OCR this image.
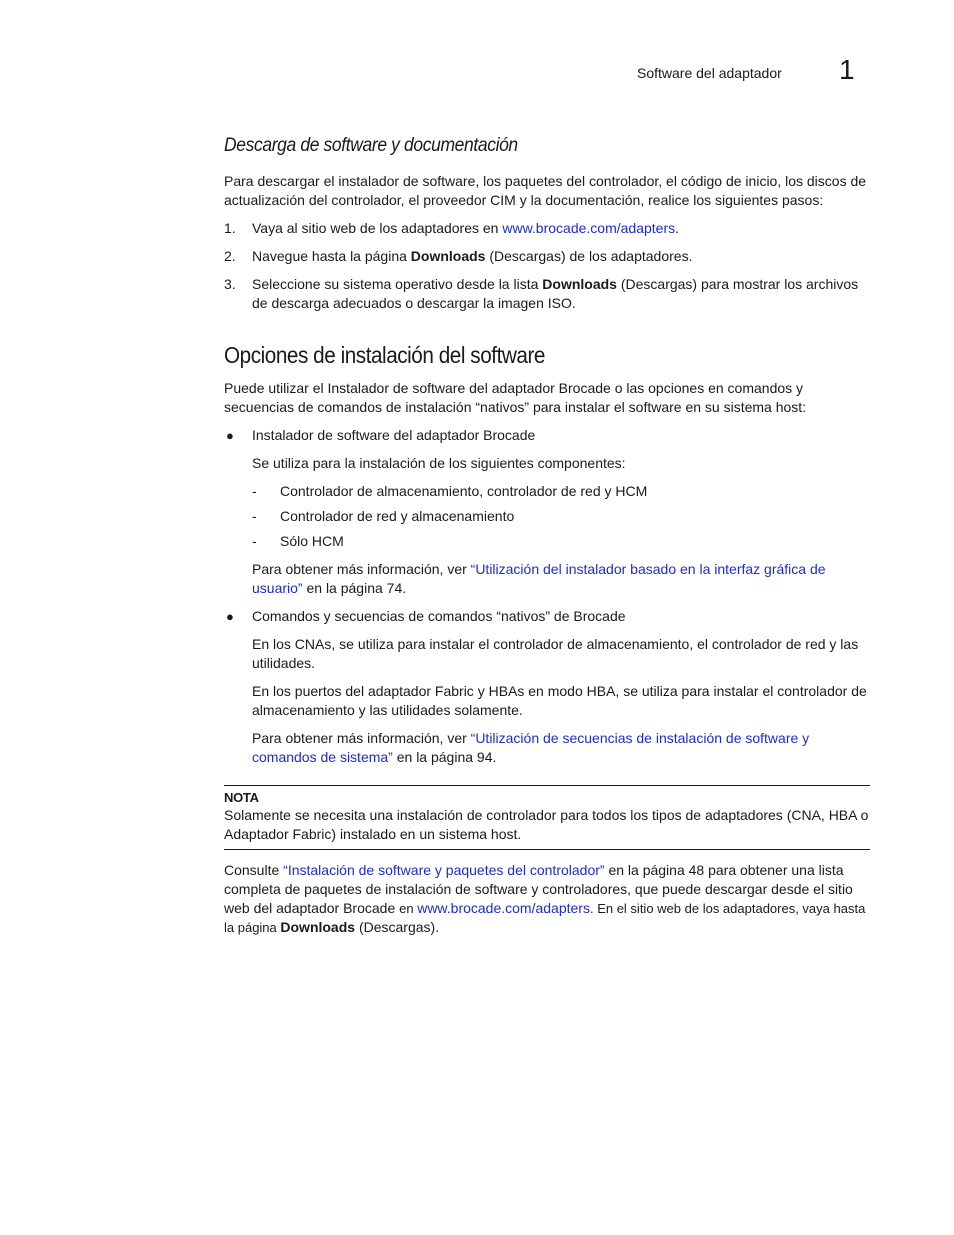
Software del adaptador 1
Descarga de software y documentación

Para descargar el instalador de software, los paquetes del controlador, el código de inicio, los discos de actualización del controlador, el proveedor CIM y la documentación, realice los siguientes pasos:

1. Vaya al sitio web de los adaptadores en www.brocade.com/adapters.
2. Navegue hasta la página Downloads (Descargas) de los adaptadores.
3. Seleccione su sistema operativo desde la lista Downloads (Descargas) para mostrar los archivos de descarga adecuados o descargar la imagen ISO.
Opciones de instalación del software

Puede utilizar el Instalador de software del adaptador Brocade o las opciones en comandos y secuencias de comandos de instalación “nativos” para instalar el software en su sistema host:

● Instalador de software del adaptador Brocade

Se utiliza para la instalación de los siguientes componentes:

- Controlador de almacenamiento, controlador de red y HCM
- Controlador de red y almacenamiento
- Sólo HCM

Para obtener más información, ver “Utilización del instalador basado en la interfaz gráfica de usuario” en la página 74.

● Comandos y secuencias de comandos “nativos” de Brocade

En los CNAs, se utiliza para instalar el controlador de almacenamiento, el controlador de red y las utilidades.

En los puertos del adaptador Fabric y HBAs en modo HBA, se utiliza para instalar el controlador de almacenamiento y las utilidades solamente.

Para obtener más información, ver “Utilización de secuencias de instalación de software y comandos de sistema” en la página 94.

NOTA

Solamente se necesita una instalación de controlador para todos los tipos de adaptadores (CNA, HBA o Adaptador Fabric) instalado en un sistema host.

Consulte “Instalación de software y paquetes del controlador” en la página 48 para obtener una lista completa de paquetes de instalación de software y controladores, que puede descargar desde el sitio web del adaptador Brocade en www.brocade.com/adapters. En el sitio web de los adaptadores, vaya hasta la página Downloads (Descargas).
